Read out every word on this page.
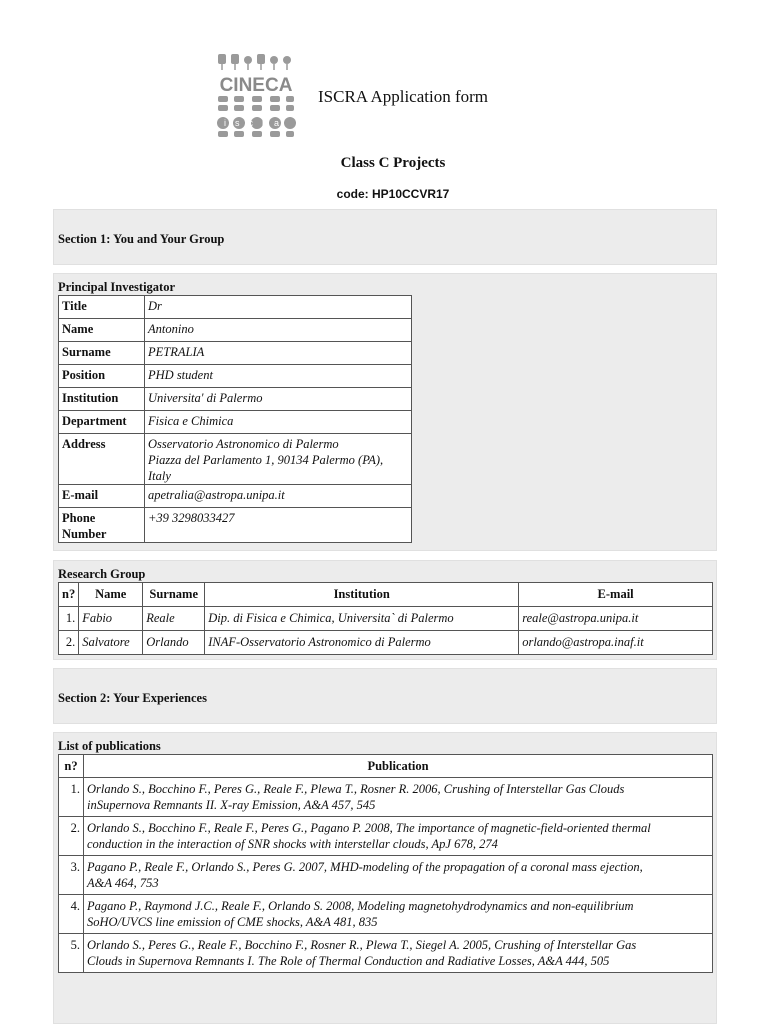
CINECA
iscra
ISCRA Application form
Class C Projects
code: HP10CCVR17
Section 1: You and Your Group
Principal Investigator
Title	Dr
Name	Antonino
Surname	PETRALIA
Position	PHD student
Institution	Universita' di Palermo
Department	Fisica e Chimica
Address	Osservatorio Astronomico di Palermo
Piazza del Parlamento 1, 90134 Palermo (PA),
Italy

E-mail	apetralia@astropa.unipa.it
Phone Number	+39 3298033427
Research Group
n?	Name	Surname	Institution	E-mail
1.	Fabio	Reale	Dip. di Fisica e Chimica, Universita` di Palermo	reale@astropa.unipa.it
2.	Salvatore	Orlando	INAF-Osservatorio Astronomico di Palermo	orlando@astropa.inaf.it
Section 2: Your Experiences
List of publications
n?	Publication
1.	Orlando S., Bocchino F., Peres G., Reale F., Plewa T., Rosner R. 2006, Crushing of Interstellar Gas Clouds
inSupernova Remnants II. X-ray Emission, A&A 457, 545

2.	Orlando S., Bocchino F., Reale F., Peres G., Pagano P. 2008, The importance of magnetic-field-oriented thermal
conduction in the interaction of SNR shocks with interstellar clouds, ApJ 678, 274

3.	Pagano P., Reale F., Orlando S., Peres G. 2007, MHD-modeling of the propagation of a coronal mass ejection,
A&A 464, 753

4.	Pagano P., Raymond J.C., Reale F., Orlando S. 2008, Modeling magnetohydrodynamics and non-equilibrium
SoHO/UVCS line emission of CME shocks, A&A 481, 835

5.	Orlando S., Peres G., Reale F., Bocchino F., Rosner R., Plewa T., Siegel A. 2005, Crushing of Interstellar Gas
Clouds in Supernova Remnants I. The Role of Thermal Conduction and Radiative Losses, A&A 444, 505
